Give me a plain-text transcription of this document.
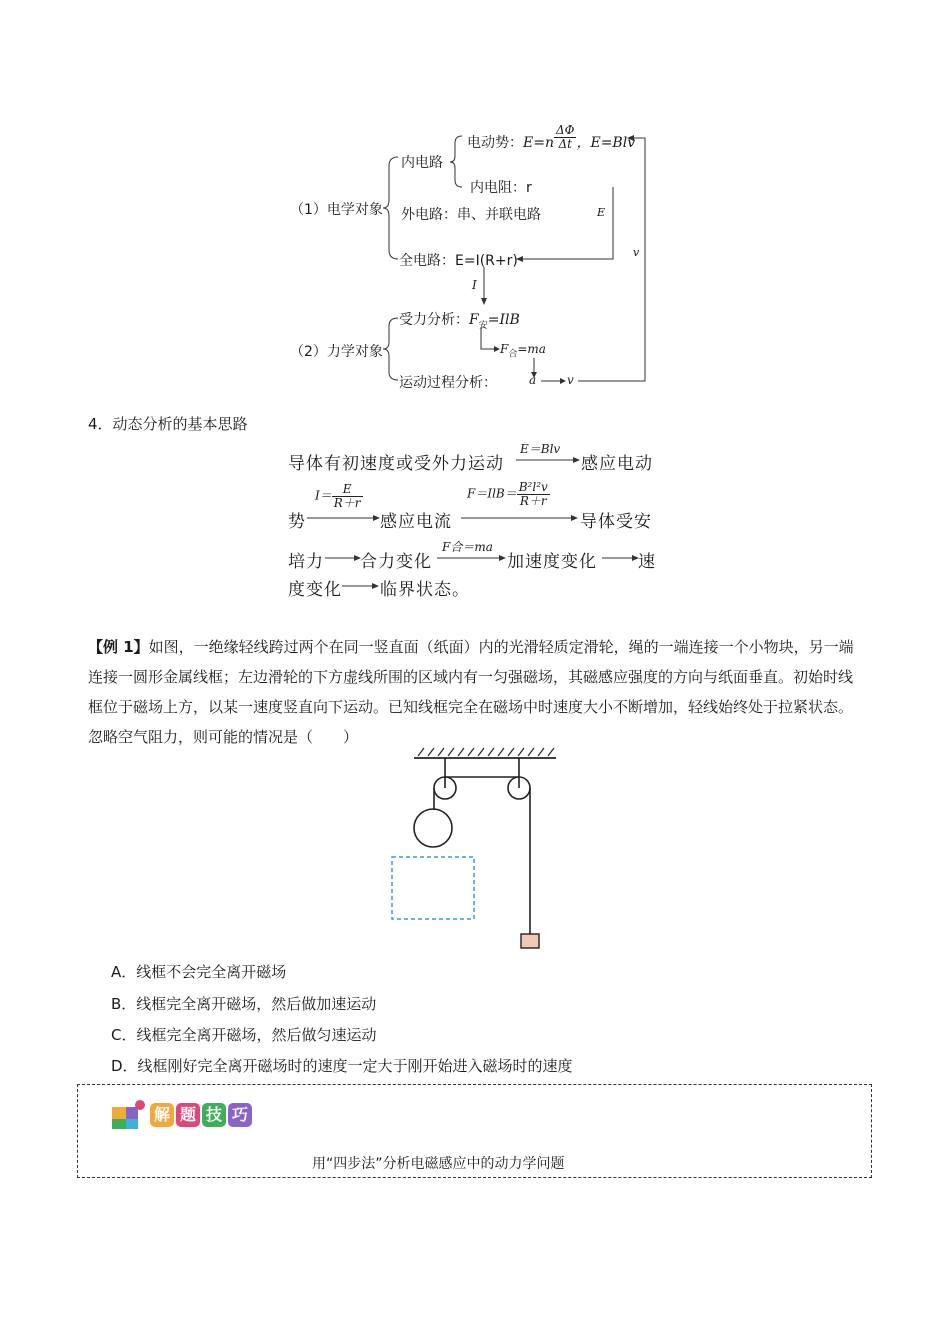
（1）电学对象
内电路
电动势：$E=n \frac{\Delta\Phi}{\Delta t}$ ，E=Blv
内电阻：r
外电路：串、并联电路
全电路：E=I(R+r)
E
v
I
（2）力学对象
受力分析：$F_安=IlB$
$F_合=ma$
运动过程分析：	a	v
4．动态分析的基本思路
导体有初速度或受外力运动
E＝Blv
感应电动
势
$I= \frac{E}{R+r}$
感应电流
$F=IlB= \frac{\text{B²l²v}}{R+r}$
导体受安
培力 合力变化
F合＝ma
加速度变化 速
度变化 临界状态。
【例 1】如图，一绝缘轻线跨过两个在同一竖直面（纸面）内的光滑轻质定滑轮，绳的一端连接一个小物块，另一端连接一圆形金属线框；左边滑轮的下方虚线所围的区域内有一匀强磁场，其磁感应强度的方向与纸面垂直。初始时线框位于磁场上方，以某一速度竖直向下运动。已知线框完全在磁场中时速度大小不断增加，轻线始终处于拉紧状态。忽略空气阻力，则可能的情况是（　　）
A．线框不会完全离开磁场
B．线框完全离开磁场，然后做加速运动
C．线框完全离开磁场，然后做匀速运动
D．线框刚好完全离开磁场时的速度一定大于刚开始进入磁场时的速度
解 题 技 巧
用“四步法”分析电磁感应中的动力学问题
